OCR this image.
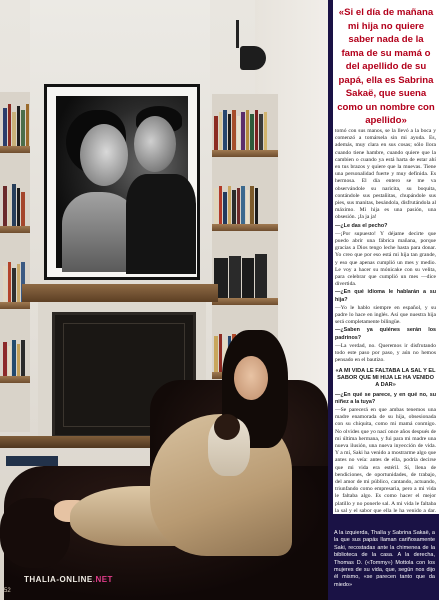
THALIA-ONLINE.NET
52
«Si el día de mañana mi hija no quiere saber nada de la fama de su mamá o del apellido de su papá, ella es Sabrina Sakaë, que suena como un nombre con apellido»

tomó con sus manos, se la llevó a la boca y comenzó a tomársela sin mi ayuda. Es, además, muy clara en sus cosas; sólo llora cuando tiene hambre, cuando quiere que la cambien o cuando ya está harta de estar ahí en tus brazos y quiere que la muevas. Tiene una personalidad fuerte y muy definida. Es hermosa. El día entero se me va observándole su naricita, su boquita, contándole sus pestañitas, chupándole sus pies, sus manitas, besándola, disfrutándola al máximo. Mi hija es una pasión, una obsesión. ¡Ja ja ja!

—¿Le das el pecho?

—¡Por supuesto! Y déjame decirte que puedo abrir una fábrica mañana, porque gracias a Dios tengo leche hasta para donar. Yo creo que por eso está mi hija tan grande, y eso que apenas cumplió un mes y medio. Le voy a hacer su mónicake con su velita, para celebrar que cumplió un mes —dice divertida.

—¿En qué idioma le hablarán a su hija?

—Yo le hablo siempre en español, y su padre lo hace en inglés. Así que nuestra hija será completamente bilingüe.

—¿Saben ya quiénes serán los padrinos?

—La verdad, no. Queremos ir disfrutando todo este paso por paso, y aún no hemos pensado en el bautizo.

«A MI VIDA LE FALTABA LA SAL Y EL SABOR QUE MI HIJA LE HA VENIDO A DAR»

—¿En qué se parece, y en qué no, su niñez a la tuya?

—Se parecerá en que ambas tenemos una madre enamorada de su hija, obsesionada con su chiquita, como mi mamá conmigo. No olvides que yo nací once años después de mi última hermana, y fui para mi madre una nueva ilusión, una nueva inyección de vida. Y a mí, Saki ha venido a mostrarme algo que antes no veía: antes de ella, podría decirse que mi vida era estéril. Sí, llena de bendiciones, de oportunidades, de trabajo, del amor de mi público, cantando, actuando, triunfando como empresaria, pero a mi vida le faltaba algo. Es como hacer el mejor platillo y no ponerle sal. A mi vida le faltaba la sal y el sabor que ella le ha venido a dar.

A la izquierda, Thalía y Sabrina Sakaë, a la que sus papás llaman cariñosamente Saki, recostadas ante la chimenea de la biblioteca de la casa. A la derecha, Thomas D. («Tommy») Mottola con los mujeres de su vida, que, según nos dijo él mismo, «se parecen tanto que da miedo»
